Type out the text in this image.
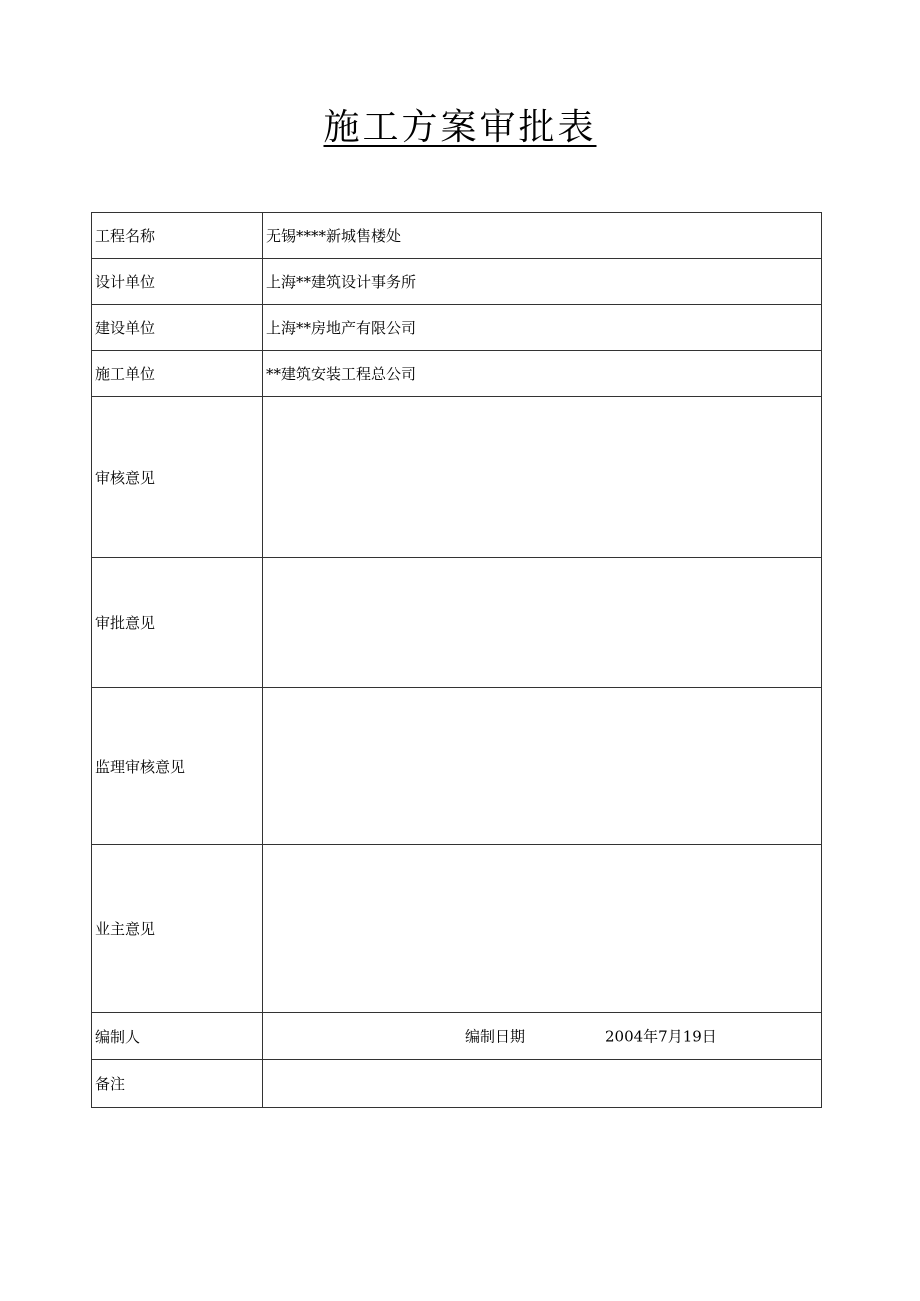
施工方案审批表
工程名称	无锡****新城售楼处
设计单位	上海**建筑设计事务所
建设单位	上海**房地产有限公司
施工单位	**建筑安装工程总公司
审核意见	
审批意见	
监理审核意见	
业主意见	
编制人	编制日期 2004年7月19日

备注	
